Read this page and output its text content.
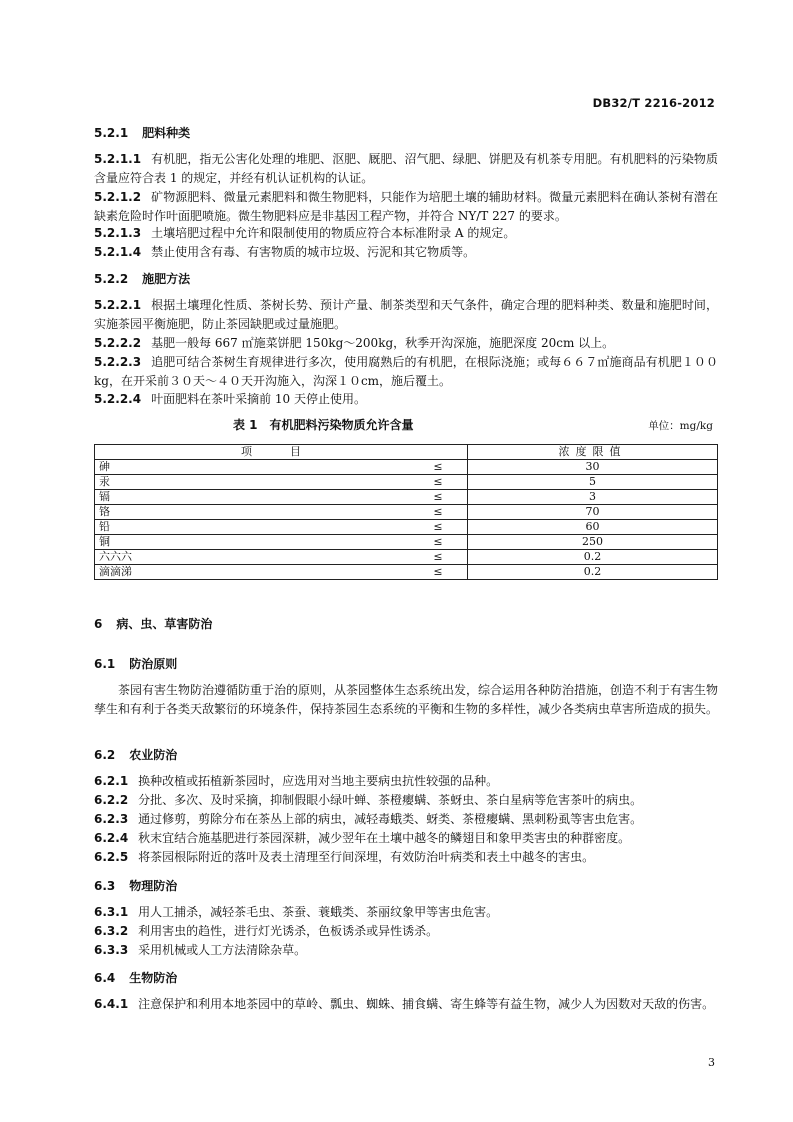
DB32/T 2216-2012
5.2.1 肥料种类
5.2.1.1 有机肥，指无公害化处理的堆肥、沤肥、厩肥、沼气肥、绿肥、饼肥及有机茶专用肥。有机肥料的污染物质含量应符合表 1 的规定，并经有机认证机构的认证。
5.2.1.2 矿物源肥料、微量元素肥料和微生物肥料，只能作为培肥土壤的辅助材料。微量元素肥料在确认茶树有潜在缺素危险时作叶面肥喷施。微生物肥料应是非基因工程产物，并符合 NY/T 227 的要求。
5.2.1.3 土壤培肥过程中允许和限制使用的物质应符合本标准附录 A 的规定。
5.2.1.4 禁止使用含有毒、有害物质的城市垃圾、污泥和其它物质等。
5.2.2 施肥方法
5.2.2.1 根据土壤理化性质、茶树长势、预计产量、制茶类型和天气条件，确定合理的肥料种类、数量和施肥时间，实施茶园平衡施肥，防止茶园缺肥或过量施肥。
5.2.2.2 基肥一般每 667 ㎡施菜饼肥 150kg～200kg，秋季开沟深施，施肥深度 20cm 以上。
5.2.2.3 追肥可结合茶树生育规律进行多次，使用腐熟后的有机肥，在根际浇施；或每６６７㎡施商品有机肥１００kg，在开采前３０天～４０天开沟施入，沟深１０cm，施后覆土。
5.2.2.4 叶面肥料在茶叶采摘前 10 天停止使用。
表 1　有机肥料污染物质允许含量	单位：mg/kg
项目		浓度限值
砷	≤	30
汞	≤	5
镉	≤	3
铬	≤	70
铅	≤	60
铜	≤	250
六六六	≤	0.2
滴滴涕	≤	0.2
6 病、虫、草害防治
6.1 防治原则
茶园有害生物防治遵循防重于治的原则，从茶园整体生态系统出发，综合运用各种防治措施，创造不利于有害生物孳生和有利于各类天敌繁衍的环境条件，保持茶园生态系统的平衡和生物的多样性，减少各类病虫草害所造成的损失。
6.2 农业防治
6.2.1 换种改植或拓植新茶园时，应选用对当地主要病虫抗性较强的品种。
6.2.2 分批、多次、及时采摘，抑制假眼小绿叶蝉、茶橙瘿螨、茶蚜虫、茶白星病等危害茶叶的病虫。
6.2.3 通过修剪，剪除分布在茶丛上部的病虫，减轻毒蛾类、蚜类、茶橙瘿螨、黑刺粉虱等害虫危害。
6.2.4 秋末宜结合施基肥进行茶园深耕，减少翌年在土壤中越冬的鳞翅目和象甲类害虫的种群密度。
6.2.5 将茶园根际附近的落叶及表土清理至行间深埋，有效防治叶病类和表土中越冬的害虫。
6.3 物理防治
6.3.1 用人工捕杀，减轻茶毛虫、茶蚕、蓑蛾类、茶丽纹象甲等害虫危害。
6.3.2 利用害虫的趋性，进行灯光诱杀，色板诱杀或异性诱杀。
6.3.3 采用机械或人工方法清除杂草。
6.4 生物防治
6.4.1 注意保护和利用本地茶园中的草岭、瓢虫、蜘蛛、捕食螨、寄生蜂等有益生物，减少人为因数对天敌的伤害。
3
